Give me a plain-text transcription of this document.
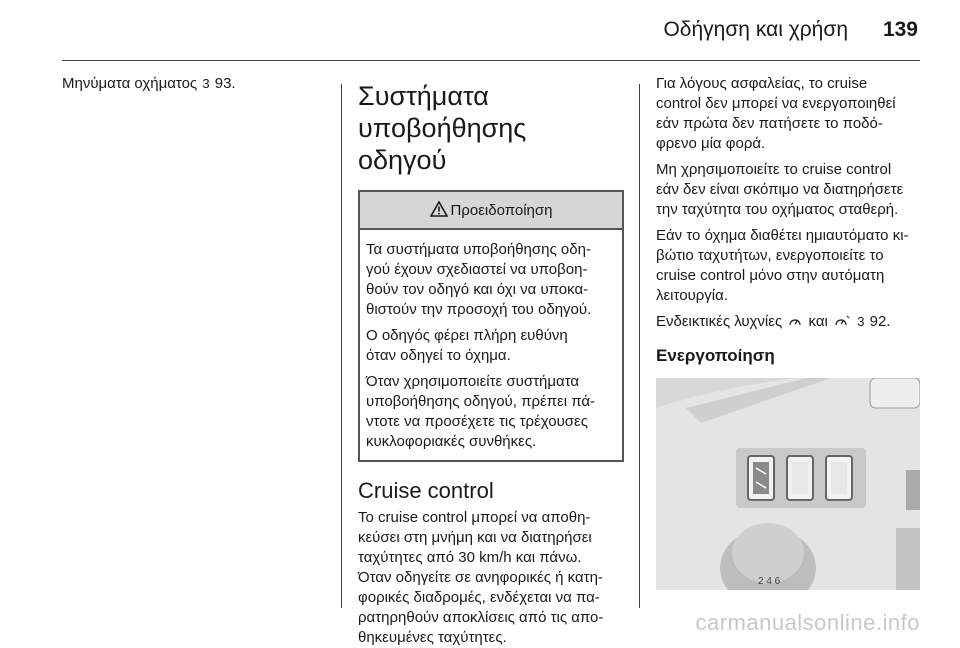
Οδήγηση και χρήση 139

Μηνύματα οχήματος 3 93.	Συστήματα
υποβοήθησης οδηγού
Προειδοποίηση

Τα συστήματα υποβοήθησης οδη-
γού έχουν σχεδιαστεί να υποβοη-
θούν τον οδηγό και όχι να υποκα-
θιστούν την προσοχή του οδηγού.

Ο οδηγός φέρει πλήρη ευθύνη
όταν οδηγεί το όχημα.

Όταν χρησιμοποιείτε συστήματα
υποβοήθησης οδηγού, πρέπει πά-
ντοτε να προσέχετε τις τρέχουσες
κυκλοφοριακές συνθήκες.

Cruise control

Το cruise control μπορεί να αποθη-
κεύσει στη μνήμη και να διατηρήσει
ταχύτητες από 30 km/h και πάνω.

Όταν οδηγείτε σε ανηφορικές ή κατη-
φορικές διαδρομές, ενδέχεται να πα-
ρατηρηθούν αποκλίσεις από τις απο-
θηκευμένες ταχύτητες.

Για λόγους ασφαλείας, το cruise
control δεν μπορεί να ενεργοποιηθεί
εάν πρώτα δεν πατήσετε το ποδό-
φρενο μία φορά.

Μη χρησιμοποιείτε το cruise control
εάν δεν είναι σκόπιμο να διατηρήσετε
την ταχύτητα του οχήματος σταθερή.

Εάν το όχημα διαθέτει ημιαυτόματο κι-
βώτιο ταχυτήτων, ενεργοποιείτε το
cruise control μόνο στην αυτόματη
λειτουργία.

Ενδεικτικές λυχνίες και 3 92.

Ενεργοποίηση
2 4 6
carmanualsonline.info
